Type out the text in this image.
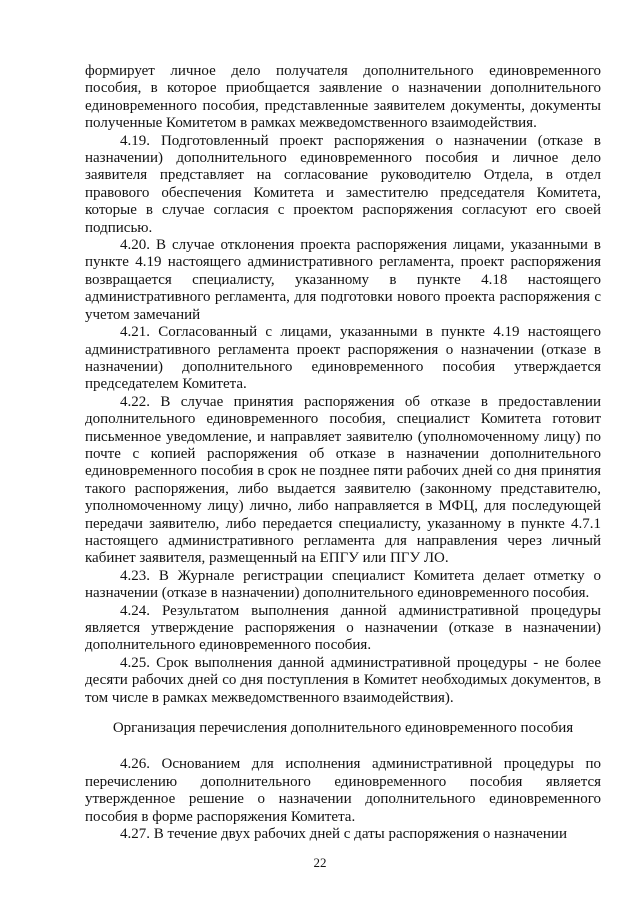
формирует личное дело получателя дополнительного единовременного пособия, в которое приобщается заявление о назначении дополнительного единовременного пособия, представленные заявителем документы, документы полученные Комитетом в рамках межведомственного взаимодействия.

4.19. Подготовленный проект распоряжения о назначении (отказе в назначении) дополнительного единовременного пособия и личное дело заявителя представляет на согласование руководителю Отдела, в отдел правового обеспечения Комитета и заместителю председателя Комитета, которые в случае согласия с проектом распоряжения согласуют его своей подписью.

4.20. В случае отклонения проекта распоряжения лицами, указанными в пункте 4.19 настоящего административного регламента, проект распоряжения возвращается специалисту, указанному в пункте 4.18 настоящего административного регламента, для подготовки нового проекта распоряжения с учетом замечаний

4.21. Согласованный с лицами, указанными в пункте 4.19 настоящего административного регламента проект распоряжения о назначении (отказе в назначении) дополнительного единовременного пособия утверждается председателем Комитета.

4.22. В случае принятия распоряжения об отказе в предоставлении дополнительного единовременного пособия, специалист Комитета готовит письменное уведомление, и направляет заявителю (уполномоченному лицу) по почте с копией распоряжения об отказе в назначении дополнительного единовременного пособия в срок не позднее пяти рабочих дней со дня принятия такого распоряжения, либо выдается заявителю (законному представителю, уполномоченному лицу) лично, либо направляется в МФЦ, для последующей передачи заявителю, либо передается специалисту, указанному в пункте 4.7.1 настоящего административного регламента для направления через личный кабинет заявителя, размещенный на ЕПГУ или ПГУ ЛО.

4.23. В Журнале регистрации специалист Комитета делает отметку о назначении (отказе в назначении) дополнительного единовременного пособия.

4.24. Результатом выполнения данной административной процедуры является утверждение распоряжения о назначении (отказе в назначении) дополнительного единовременного пособия.

4.25. Срок выполнения данной административной процедуры - не более десяти рабочих дней со дня поступления в Комитет необходимых документов, в том числе в рамках межведомственного взаимодействия).

Организация перечисления дополнительного единовременного пособия

4.26. Основанием для исполнения административной процедуры по перечислению дополнительного единовременного пособия является утвержденное решение о назначении дополнительного единовременного пособия в форме распоряжения Комитета.

4.27. В течение двух рабочих дней с даты распоряжения о назначении

22
